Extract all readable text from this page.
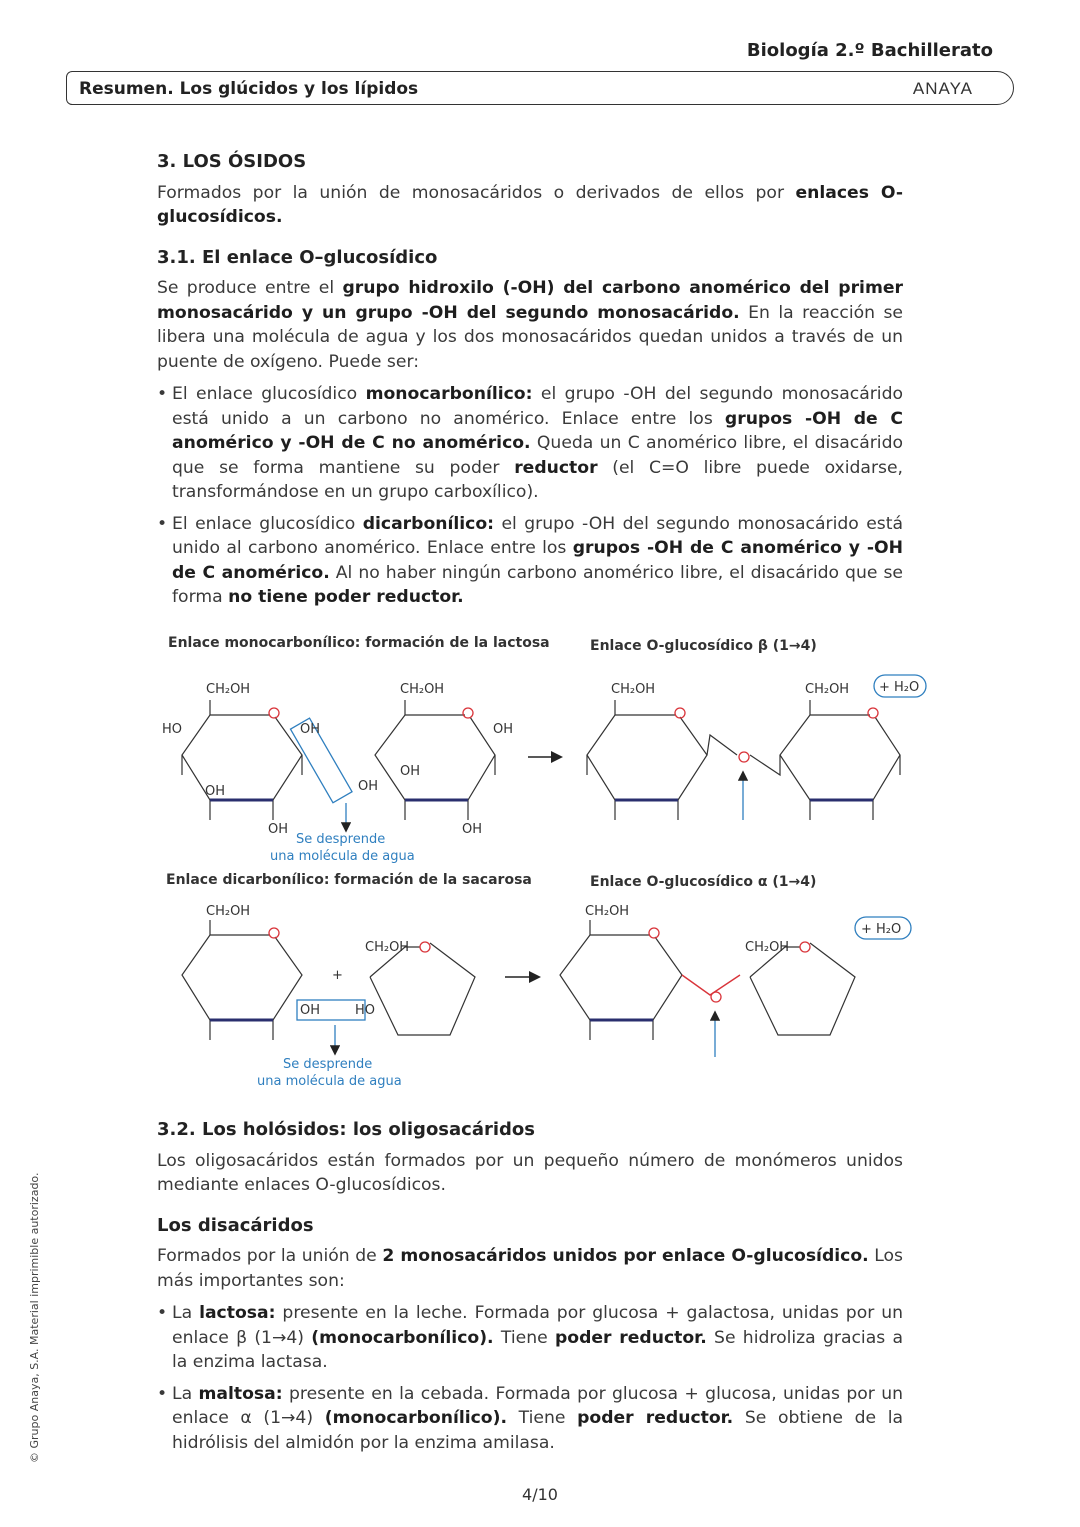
Biología 2.º Bachillerato
Resumen. Los glúcidos y los lípidos	ANAYA
3. LOS ÓSIDOS

Formados por la unión de monosacáridos o derivados de ellos por enlaces O-glucosídicos.

3.1. El enlace O–glucosídico

Se produce entre el grupo hidroxilo (-OH) del carbono anomérico del primer monosacárido y un grupo -OH del segundo monosacárido. En la reacción se libera una molécula de agua y los dos monosacáridos quedan unidos a través de un puente de oxígeno. Puede ser:

• El enlace glucosídico monocarbonílico: el grupo -OH del segundo monosacárido está unido a un carbono no anomérico. Enlace entre los grupos -OH de C anomérico y -OH de C no anomérico. Queda un C anomérico libre, el disacárido que se forma mantiene su poder reductor (el C=O libre puede oxidarse, transformándose en un grupo carboxílico).
• El enlace glucosídico dicarbonílico: el grupo -OH del segundo monosacárido está unido al carbono anomérico. Enlace entre los grupos -OH de C anomérico y -OH de C anomérico. Al no haber ningún carbono anomérico libre, el disacárido que se forma no tiene poder reductor.
Enlace monocarbonílico: formación de la lactosa	Enlace O-glucosídico β (1→4)
Enlace dicarbonílico: formación de la sacarosa	Enlace O-glucosídico α (1→4)
CH₂OH	CH₂OH
HO
OH
OH
OH
OH
OH
OH
OH
Se desprende
una molécula de agua
+ H₂O
CH₂OH	CH₂OH
CH₂OH
CH₂OH
CH₂OH
CH₂OH
+
OH	HO
+ H₂O
Se desprende
una molécula de agua
3.2. Los holósidos: los oligosacáridos

Los oligosacáridos están formados por un pequeño número de monómeros unidos mediante enlaces O-glucosídicos.

Los disacáridos

Formados por la unión de 2 monosacáridos unidos por enlace O-glucosídico. Los más importantes son:

• La lactosa: presente en la leche. Formada por glucosa + galactosa, unidas por un enlace β (1→4) (monocarbonílico). Tiene poder reductor. Se hidroliza gracias a la enzima lactasa.
• La maltosa: presente en la cebada. Formada por glucosa + glucosa, unidas por un enlace α (1→4) (monocarbonílico). Tiene poder reductor. Se obtiene de la hidrólisis del almidón por la enzima amilasa.
© Grupo Anaya, S.A. Material imprimible autorizado.
4/10
